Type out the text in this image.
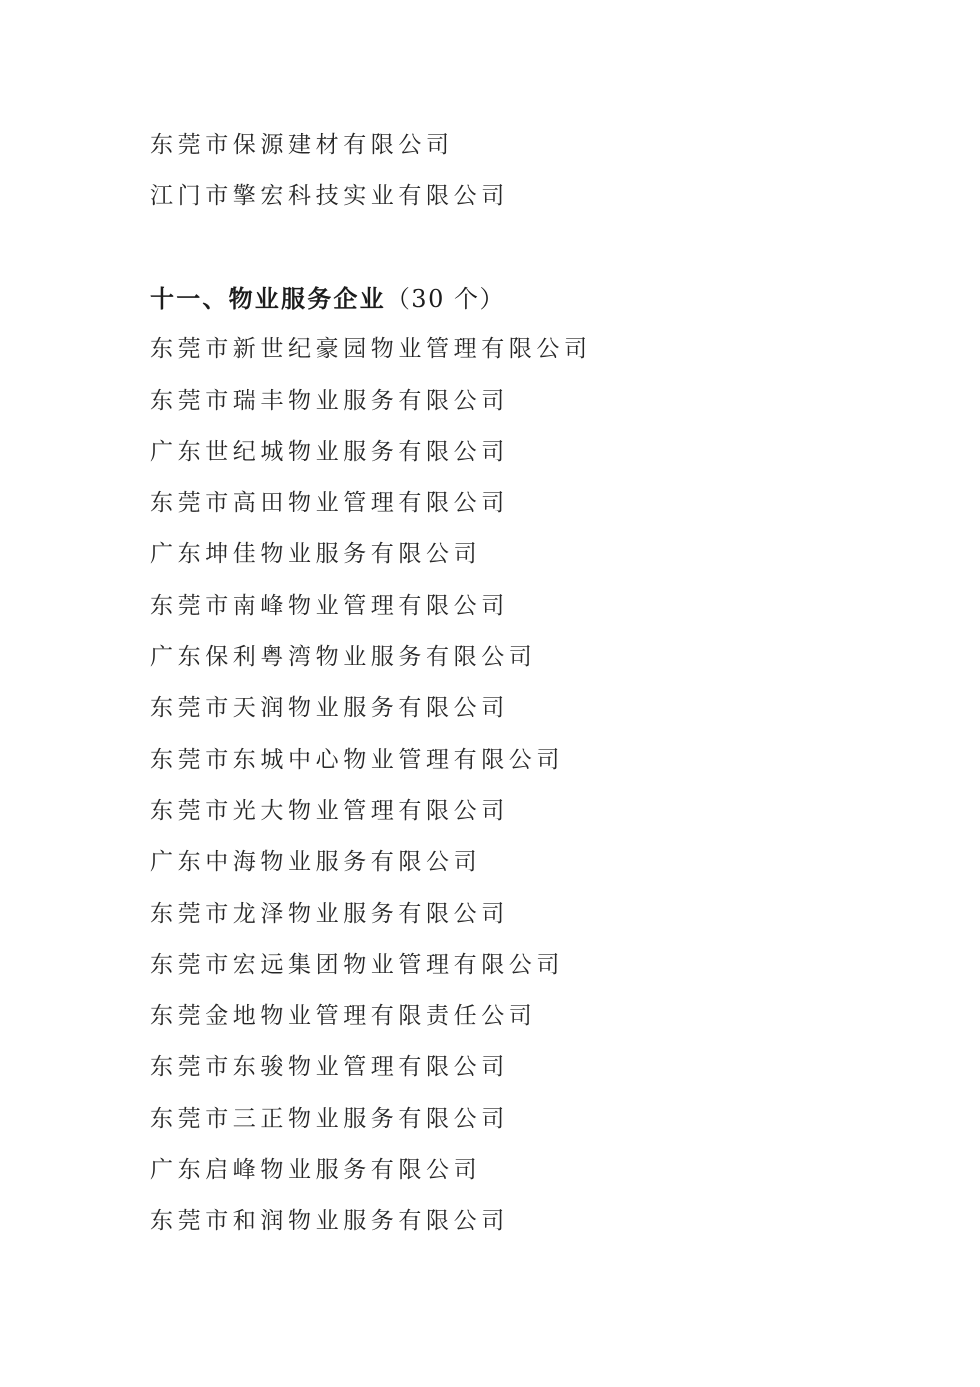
东莞市保源建材有限公司
江门市擎宏科技实业有限公司
十一、物业服务企业（30 个）
东莞市新世纪豪园物业管理有限公司
东莞市瑞丰物业服务有限公司
广东世纪城物业服务有限公司
东莞市高田物业管理有限公司
广东坤佳物业服务有限公司
东莞市南峰物业管理有限公司
广东保利粤湾物业服务有限公司
东莞市天润物业服务有限公司
东莞市东城中心物业管理有限公司
东莞市光大物业管理有限公司
广东中海物业服务有限公司
东莞市龙泽物业服务有限公司
东莞市宏远集团物业管理有限公司
东莞金地物业管理有限责任公司
东莞市东骏物业管理有限公司
东莞市三正物业服务有限公司
广东启峰物业服务有限公司
东莞市和润物业服务有限公司
